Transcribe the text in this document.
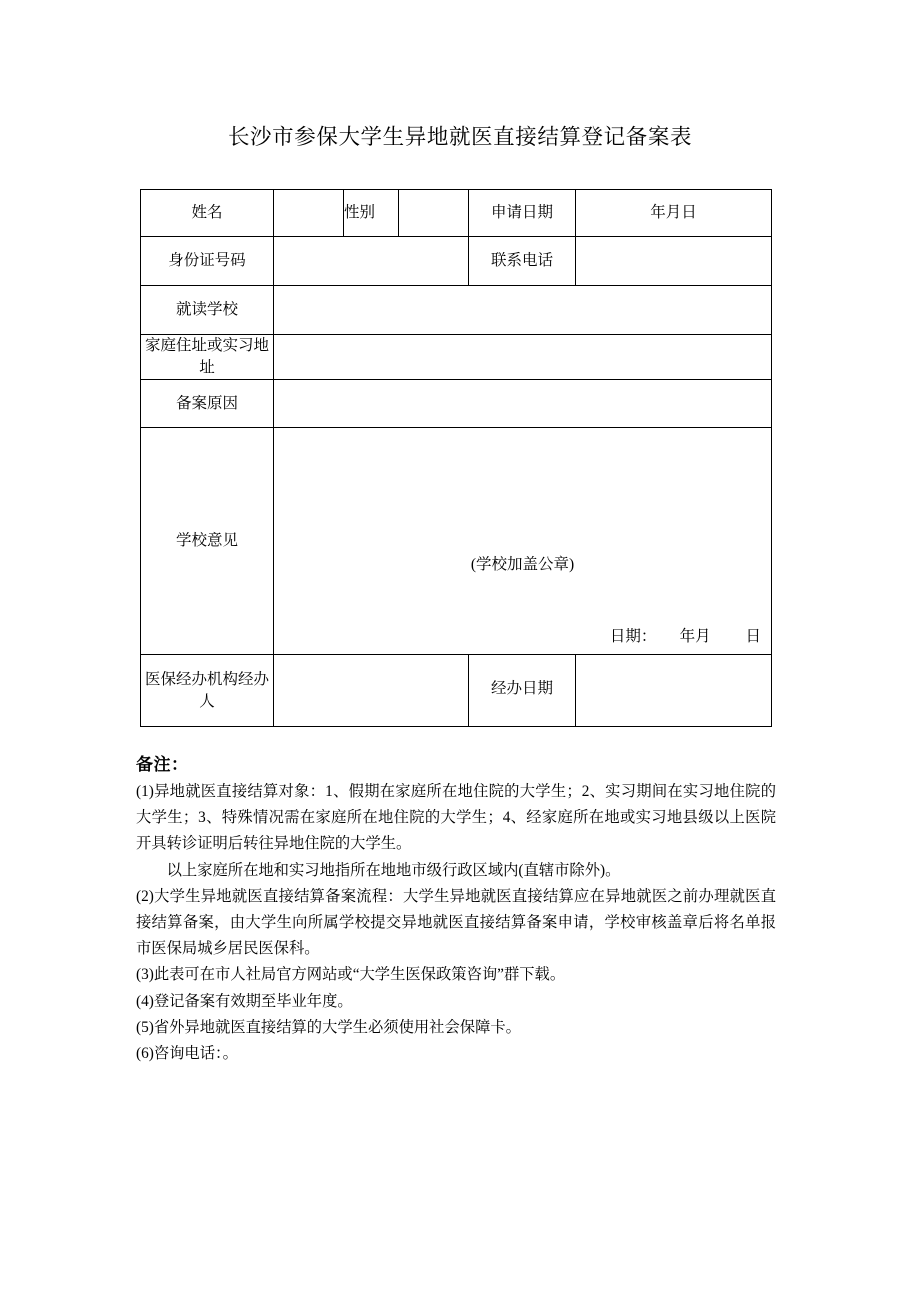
长沙市参保大学生异地就医直接结算登记备案表
姓名		性别		申请日期	年月日
身份证号码				联系电话	
就读学校					

家庭住址或实习地址					

备案原因					
学校意见	(学校加盖公章)
日期：      年月         日				

医保经办机构经办人				经办日期	

备注：

(1)异地就医直接结算对象：1、假期在家庭所在地住院的大学生；2、实习期间在实习地住院的大学生；3、特殊情况需在家庭所在地住院的大学生；4、经家庭所在地或实习地县级以上医院开具转诊证明后转往异地住院的大学生。

以上家庭所在地和实习地指所在地地市级行政区域内(直辖市除外)。

(2)大学生异地就医直接结算备案流程：大学生异地就医直接结算应在异地就医之前办理就医直接结算备案，由大学生向所属学校提交异地就医直接结算备案申请，学校审核盖章后将名单报市医保局城乡居民医保科。

(3)此表可在市人社局官方网站或“大学生医保政策咨询”群下载。

(4)登记备案有效期至毕业年度。

(5)省外异地就医直接结算的大学生必须使用社会保障卡。

(6)咨询电话：。
